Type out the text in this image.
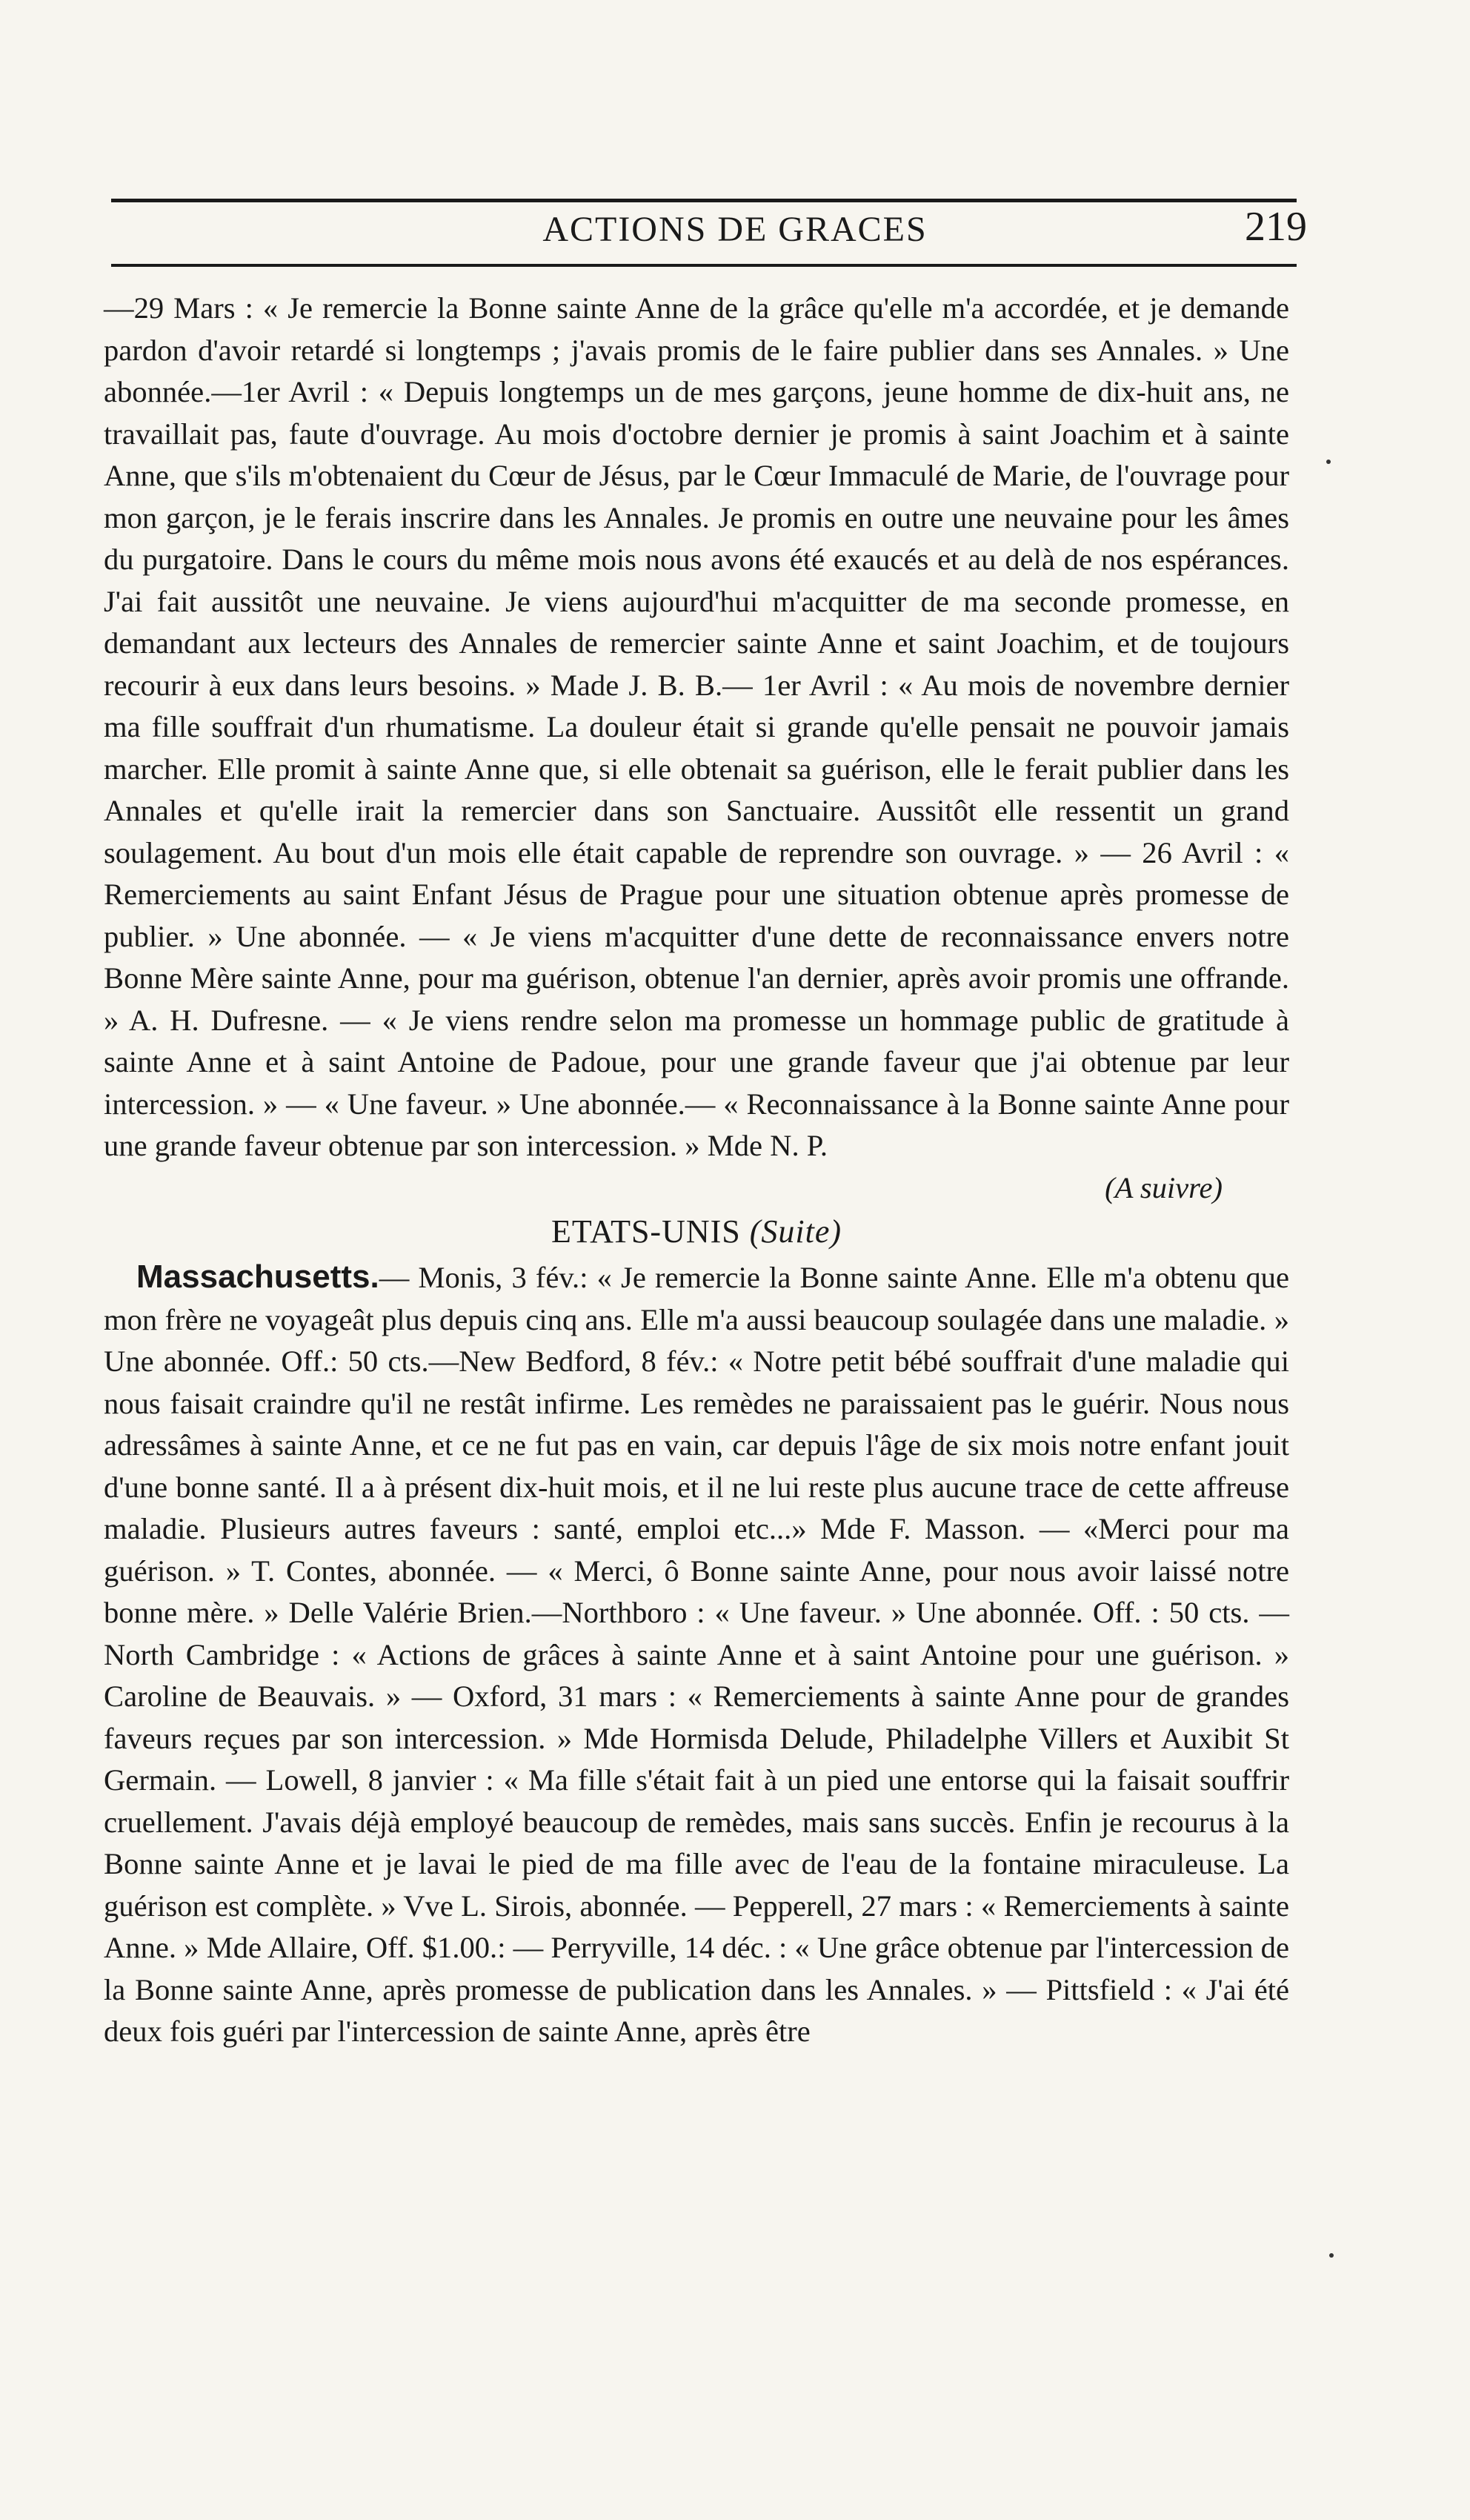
ACTIONS DE GRACES	219

—29 Mars : « Je remercie la Bonne sainte Anne de la grâce qu'elle m'a accordée, et je demande pardon d'avoir retardé si longtemps ; j'avais promis de le faire publier dans ses Annales. » Une abonnée.—1er Avril : « Depuis longtemps un de mes garçons, jeune homme de dix-huit ans, ne travaillait pas, faute d'ouvrage. Au mois d'octobre dernier je promis à saint Joachim et à sainte Anne, que s'ils m'obtenaient du Cœur de Jésus, par le Cœur Immaculé de Marie, de l'ouvrage pour mon garçon, je le ferais inscrire dans les Annales. Je promis en outre une neuvaine pour les âmes du purgatoire. Dans le cours du même mois nous avons été exaucés et au delà de nos espérances. J'ai fait aussitôt une neuvaine. Je viens aujourd'hui m'acquitter de ma seconde promesse, en demandant aux lecteurs des Annales de remercier sainte Anne et saint Joachim, et de toujours recourir à eux dans leurs besoins. » Made J. B. B.— 1er Avril : « Au mois de novembre dernier ma fille souffrait d'un rhumatisme. La douleur était si grande qu'elle pensait ne pouvoir jamais marcher. Elle promit à sainte Anne que, si elle obtenait sa guérison, elle le ferait publier dans les Annales et qu'elle irait la remercier dans son Sanctuaire. Aussitôt elle ressentit un grand soulagement. Au bout d'un mois elle était capable de reprendre son ouvrage. » — 26 Avril : « Remerciements au saint Enfant Jésus de Prague pour une situation obtenue après promesse de publier. » Une abonnée. — « Je viens m'acquitter d'une dette de reconnaissance envers notre Bonne Mère sainte Anne, pour ma guérison, obtenue l'an dernier, après avoir promis une offrande. » A. H. Dufresne. — « Je viens rendre selon ma promesse un hommage public de gratitude à sainte Anne et à saint Antoine de Padoue, pour une grande faveur que j'ai obtenue par leur intercession. » — « Une faveur. » Une abonnée.— « Reconnaissance à la Bonne sainte Anne pour une grande faveur obtenue par son intercession. » Mde N. P.
(A suivre)

ETATS-UNIS (Suite)

Massachusetts.— Monis, 3 fév.: « Je remercie la Bonne sainte Anne. Elle m'a obtenu que mon frère ne voyageât plus depuis cinq ans. Elle m'a aussi beaucoup soulagée dans une maladie. » Une abonnée. Off.: 50 cts.—New Bedford, 8 fév.: « Notre petit bébé souffrait d'une maladie qui nous faisait craindre qu'il ne restât infirme. Les remèdes ne paraissaient pas le guérir. Nous nous adressâmes à sainte Anne, et ce ne fut pas en vain, car depuis l'âge de six mois notre enfant jouit d'une bonne santé. Il a à présent dix-huit mois, et il ne lui reste plus aucune trace de cette affreuse maladie. Plusieurs autres faveurs : santé, emploi etc...» Mde F. Masson. — «Merci pour ma guérison. » T. Contes, abonnée. — « Merci, ô Bonne sainte Anne, pour nous avoir laissé notre bonne mère. » Delle Valérie Brien.—Northboro : « Une faveur. » Une abonnée. Off. : 50 cts. — North Cambridge : « Actions de grâces à sainte Anne et à saint Antoine pour une guérison. » Caroline de Beauvais. » — Oxford, 31 mars : « Remerciements à sainte Anne pour de grandes faveurs reçues par son intercession. » Mde Hormisda Delude, Philadelphe Villers et Auxibit St Germain. — Lowell, 8 janvier : « Ma fille s'était fait à un pied une entorse qui la faisait souffrir cruellement. J'avais déjà employé beaucoup de remèdes, mais sans succès. Enfin je recourus à la Bonne sainte Anne et je lavai le pied de ma fille avec de l'eau de la fontaine miraculeuse. La guérison est complète. » Vve L. Sirois, abonnée. — Pepperell, 27 mars : « Remerciements à sainte Anne. » Mde Allaire, Off. $1.00.: — Perryville, 14 déc. : « Une grâce obtenue par l'intercession de la Bonne sainte Anne, après promesse de publication dans les Annales. » — Pittsfield : « J'ai été deux fois guéri par l'intercession de sainte Anne, après être
